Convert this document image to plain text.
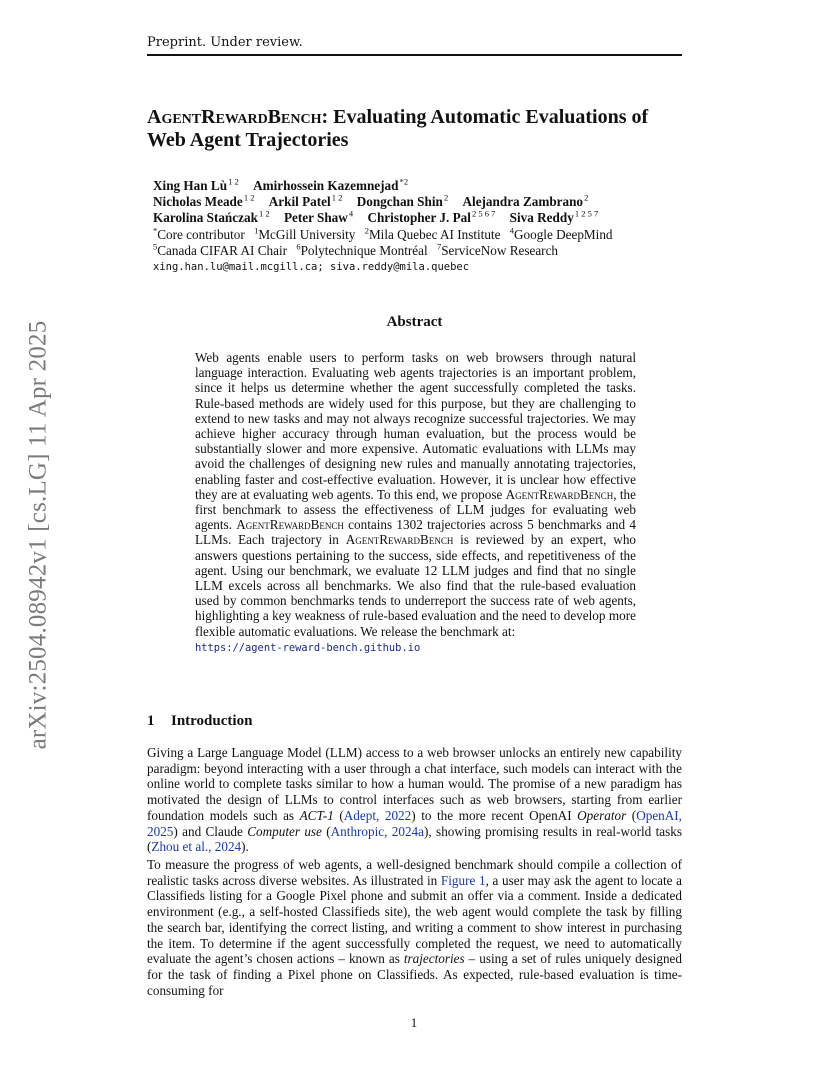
Preprint. Under review.
arXiv:2504.08942v1 [cs.LG] 11 Apr 2025
AgentRewardBench: Evaluating Automatic Evaluations of
Web Agent Trajectories
Xing Han Lù $^{1 2}$ Amirhossein Kazemnejad $^{*2}$
Nicholas Meade $^{1 2}$ Arkil Patel $^{1 2}$ Dongchan Shin $^2$ Alejandra Zambrano $^2$
Karolina Stańczak $^{1 2}$ Peter Shaw $^4$ Christopher J. Pal $^{2 5 6 7}$ Siva Reddy $^{1 2 5 7}$
*Core contributor $^1$McGill University $^2$Mila Quebec AI Institute $^4$Google DeepMind
$^5$Canada CIFAR AI Chair $^6$Polytechnique Montréal $^7$ServiceNow Research
xing.han.lu@mail.mcgill.ca; siva.reddy@mila.quebec
Abstract
Web agents enable users to perform tasks on web browsers through natural language interaction. Evaluating web agents trajectories is an important problem, since it helps us determine whether the agent successfully completed the tasks. Rule-based methods are widely used for this purpose, but they are challenging to extend to new tasks and may not always recognize successful trajectories. We may achieve higher accuracy through human evaluation, but the process would be substantially slower and more expensive. Automatic evaluations with LLMs may avoid the challenges of designing new rules and manually annotating trajectories, enabling faster and cost-effective evaluation. However, it is unclear how effective they are at evaluating web agents. To this end, we propose AgentRewardBench, the first benchmark to assess the effectiveness of LLM judges for evaluating web agents. AgentRewardBench contains 1302 trajectories across 5 benchmarks and 4 LLMs. Each trajectory in AgentRewardBench is reviewed by an expert, who answers questions pertaining to the success, side effects, and repetitiveness of the agent. Using our benchmark, we evaluate 12 LLM judges and find that no single LLM excels across all benchmarks. We also find that the rule-based evaluation used by common benchmarks tends to underreport the success rate of web agents, highlighting a key weakness of rule-based evaluation and the need to develop more flexible automatic evaluations. We release the benchmark at:
https://agent-reward-bench.github.io
1 Introduction
Giving a Large Language Model (LLM) access to a web browser unlocks an entirely new capability paradigm: beyond interacting with a user through a chat interface, such models can interact with the online world to complete tasks similar to how a human would. The promise of a new paradigm has motivated the design of LLMs to control interfaces such as web browsers, starting from earlier foundation models such as ACT-1 (Adept, 2022) to the more recent OpenAI Operator (OpenAI, 2025) and Claude Computer use (Anthropic, 2024a), showing promising results in real-world tasks (Zhou et al., 2024).
To measure the progress of web agents, a well-designed benchmark should compile a collection of realistic tasks across diverse websites. As illustrated in Figure 1, a user may ask the agent to locate a Classifieds listing for a Google Pixel phone and submit an offer via a comment. Inside a dedicated environment (e.g., a self-hosted Classifieds site), the web agent would complete the task by filling the search bar, identifying the correct listing, and writing a comment to show interest in purchasing the item. To determine if the agent successfully completed the request, we need to automatically evaluate the agent’s chosen actions – known as trajectories – using a set of rules uniquely designed for the task of finding a Pixel phone on Classifieds. As expected, rule-based evaluation is time-consuming for
1
